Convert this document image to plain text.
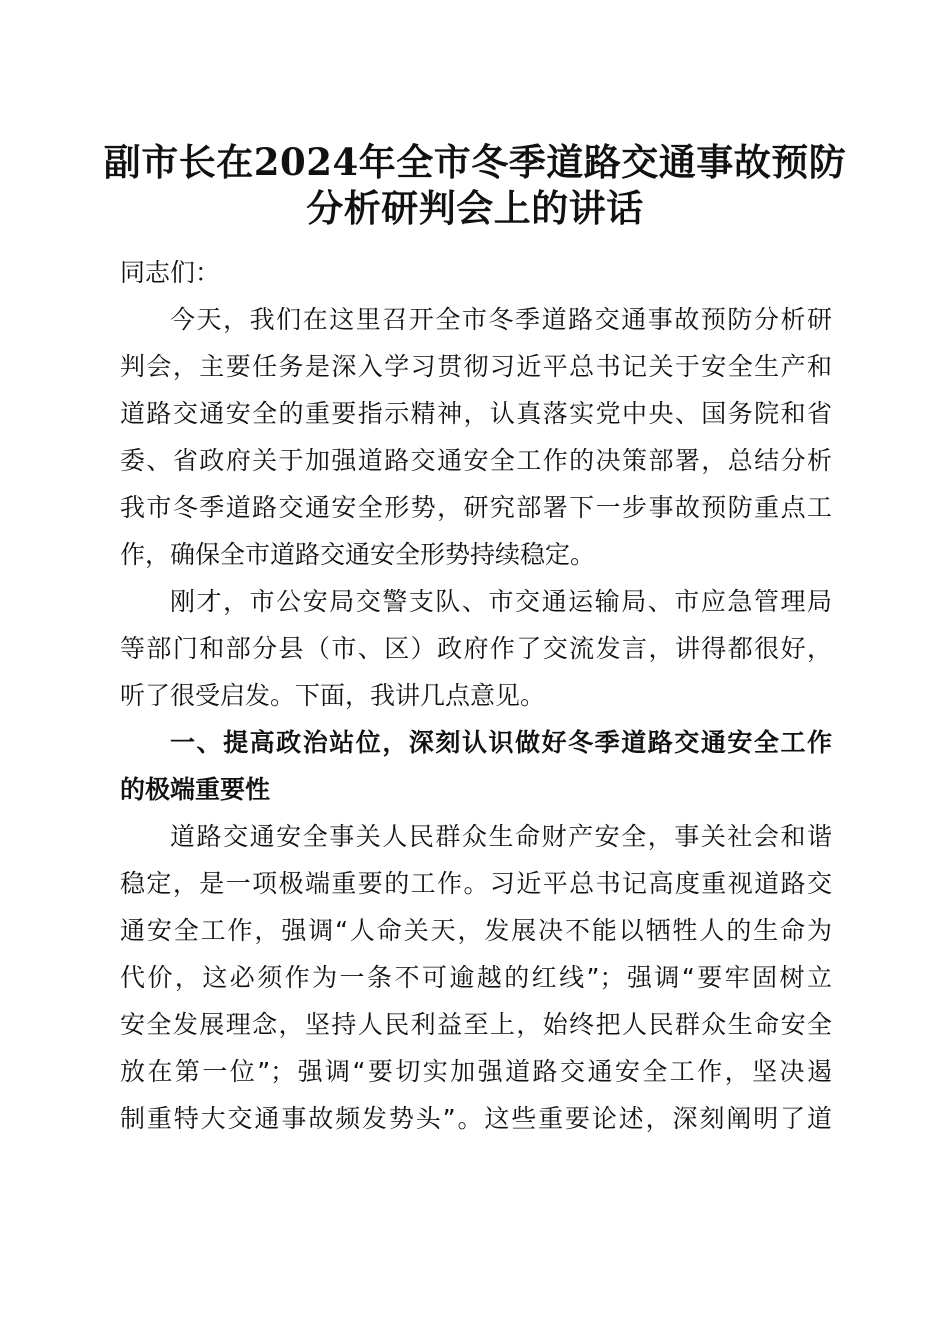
副市长在2024年全市冬季道路交通事故预防
分析研判会上的讲话
同志们：
今天，我们在这里召开全市冬季道路交通事故预防分析研
判会，主要任务是深入学习贯彻习近平总书记关于安全生产和
道路交通安全的重要指示精神，认真落实党中央、国务院和省
委、省政府关于加强道路交通安全工作的决策部署，总结分析
我市冬季道路交通安全形势，研究部署下一步事故预防重点工
作，确保全市道路交通安全形势持续稳定。
刚才，市公安局交警支队、市交通运输局、市应急管理局
等部门和部分县（市、区）政府作了交流发言，讲得都很好，
听了很受启发。下面，我讲几点意见。
一、提高政治站位，深刻认识做好冬季道路交通安全工作
的极端重要性
道路交通安全事关人民群众生命财产安全，事关社会和谐
稳定，是一项极端重要的工作。习近平总书记高度重视道路交
通安全工作，强调“人命关天，发展决不能以牺牲人的生命为
代价，这必须作为一条不可逾越的红线”；强调“要牢固树立
安全发展理念，坚持人民利益至上，始终把人民群众生命安全
放在第一位”；强调“要切实加强道路交通安全工作，坚决遏
制重特大交通事故频发势头”。这些重要论述，深刻阐明了道
